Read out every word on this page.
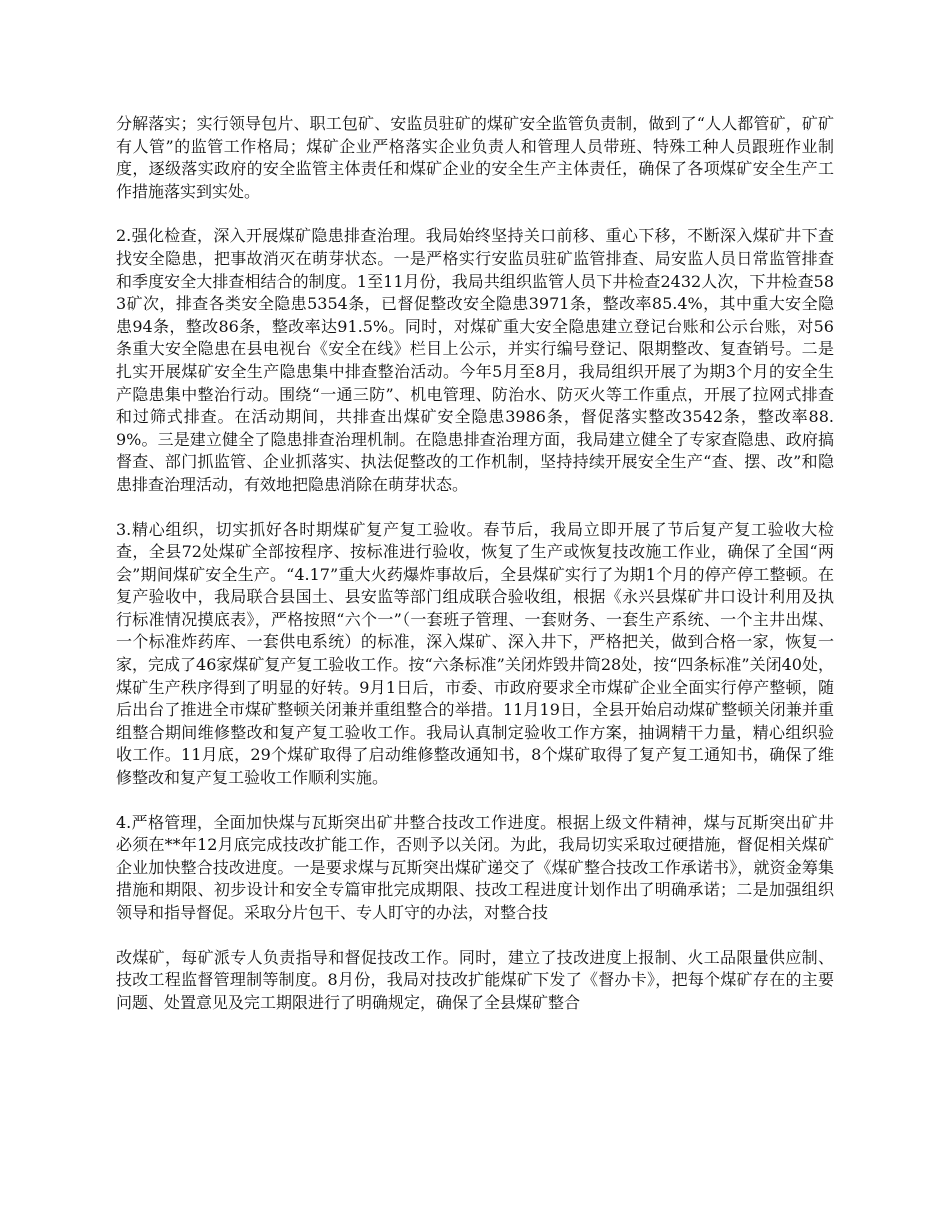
分解落实；实行领导包片、职工包矿、安监员驻矿的煤矿安全监管负责制，做到了“人人都管矿，矿矿有人管”的监管工作格局；煤矿企业严格落实企业负责人和管理人员带班、特殊工种人员跟班作业制度，逐级落实政府的安全监管主体责任和煤矿企业的安全生产主体责任，确保了各项煤矿安全生产工作措施落实到实处。

2.强化检查，深入开展煤矿隐患排查治理。我局始终坚持关口前移、重心下移，不断深入煤矿井下查找安全隐患，把事故消灭在萌芽状态。一是严格实行安监员驻矿监管排查、局安监人员日常监管排查和季度安全大排查相结合的制度。1至11月份，我局共组织监管人员下井检查2432人次，下井检查583矿次，排查各类安全隐患5354条，已督促整改安全隐患3971条，整改率85.4%，其中重大安全隐患94条，整改86条，整改率达91.5%。同时，对煤矿重大安全隐患建立登记台账和公示台账，对56条重大安全隐患在县电视台《安全在线》栏目上公示，并实行编号登记、限期整改、复查销号。二是扎实开展煤矿安全生产隐患集中排查整治活动。今年5月至8月，我局组织开展了为期3个月的安全生产隐患集中整治行动。围绕“一通三防”、机电管理、防治水、防灭火等工作重点，开展了拉网式排查和过筛式排查。在活动期间，共排查出煤矿安全隐患3986条，督促落实整改3542条，整改率88.9%。三是建立健全了隐患排查治理机制。在隐患排查治理方面，我局建立健全了专家查隐患、政府搞督查、部门抓监管、企业抓落实、执法促整改的工作机制，坚持持续开展安全生产“查、摆、改”和隐患排查治理活动，有效地把隐患消除在萌芽状态。

3.精心组织，切实抓好各时期煤矿复产复工验收。春节后，我局立即开展了节后复产复工验收大检查，全县72处煤矿全部按程序、按标准进行验收，恢复了生产或恢复技改施工作业，确保了全国“两会”期间煤矿安全生产。“4.17”重大火药爆炸事故后，全县煤矿实行了为期1个月的停产停工整顿。在复产验收中，我局联合县国土、县安监等部门组成联合验收组，根据《永兴县煤矿井口设计利用及执行标准情况摸底表》，严格按照“六个一”（一套班子管理、一套财务、一套生产系统、一个主井出煤、一个标准炸药库、一套供电系统）的标准，深入煤矿、深入井下，严格把关，做到合格一家，恢复一家，完成了46家煤矿复产复工验收工作。按“六条标准”关闭炸毁井筒28处，按“四条标准”关闭40处，煤矿生产秩序得到了明显的好转。9月1日后，市委、市政府要求全市煤矿企业全面实行停产整顿，随后出台了推进全市煤矿整顿关闭兼并重组整合的举措。11月19日，全县开始启动煤矿整顿关闭兼并重组整合期间维修整改和复产复工验收工作。我局认真制定验收工作方案，抽调精干力量，精心组织验收工作。11月底，29个煤矿取得了启动维修整改通知书，8个煤矿取得了复产复工通知书，确保了维修整改和复产复工验收工作顺利实施。

4.严格管理，全面加快煤与瓦斯突出矿井整合技改工作进度。根据上级文件精神，煤与瓦斯突出矿井必须在**年12月底完成技改扩能工作，否则予以关闭。为此，我局切实采取过硬措施，督促相关煤矿企业加快整合技改进度。一是要求煤与瓦斯突出煤矿递交了《煤矿整合技改工作承诺书》，就资金筹集措施和期限、初步设计和安全专篇审批完成期限、技改工程进度计划作出了明确承诺；二是加强组织领导和指导督促。采取分片包干、专人盯守的办法，对整合技

改煤矿，每矿派专人负责指导和督促技改工作。同时，建立了技改进度上报制、火工品限量供应制、技改工程监督管理制等制度。8月份，我局对技改扩能煤矿下发了《督办卡》，把每个煤矿存在的主要问题、处置意见及完工期限进行了明确规定，确保了全县煤矿整合
